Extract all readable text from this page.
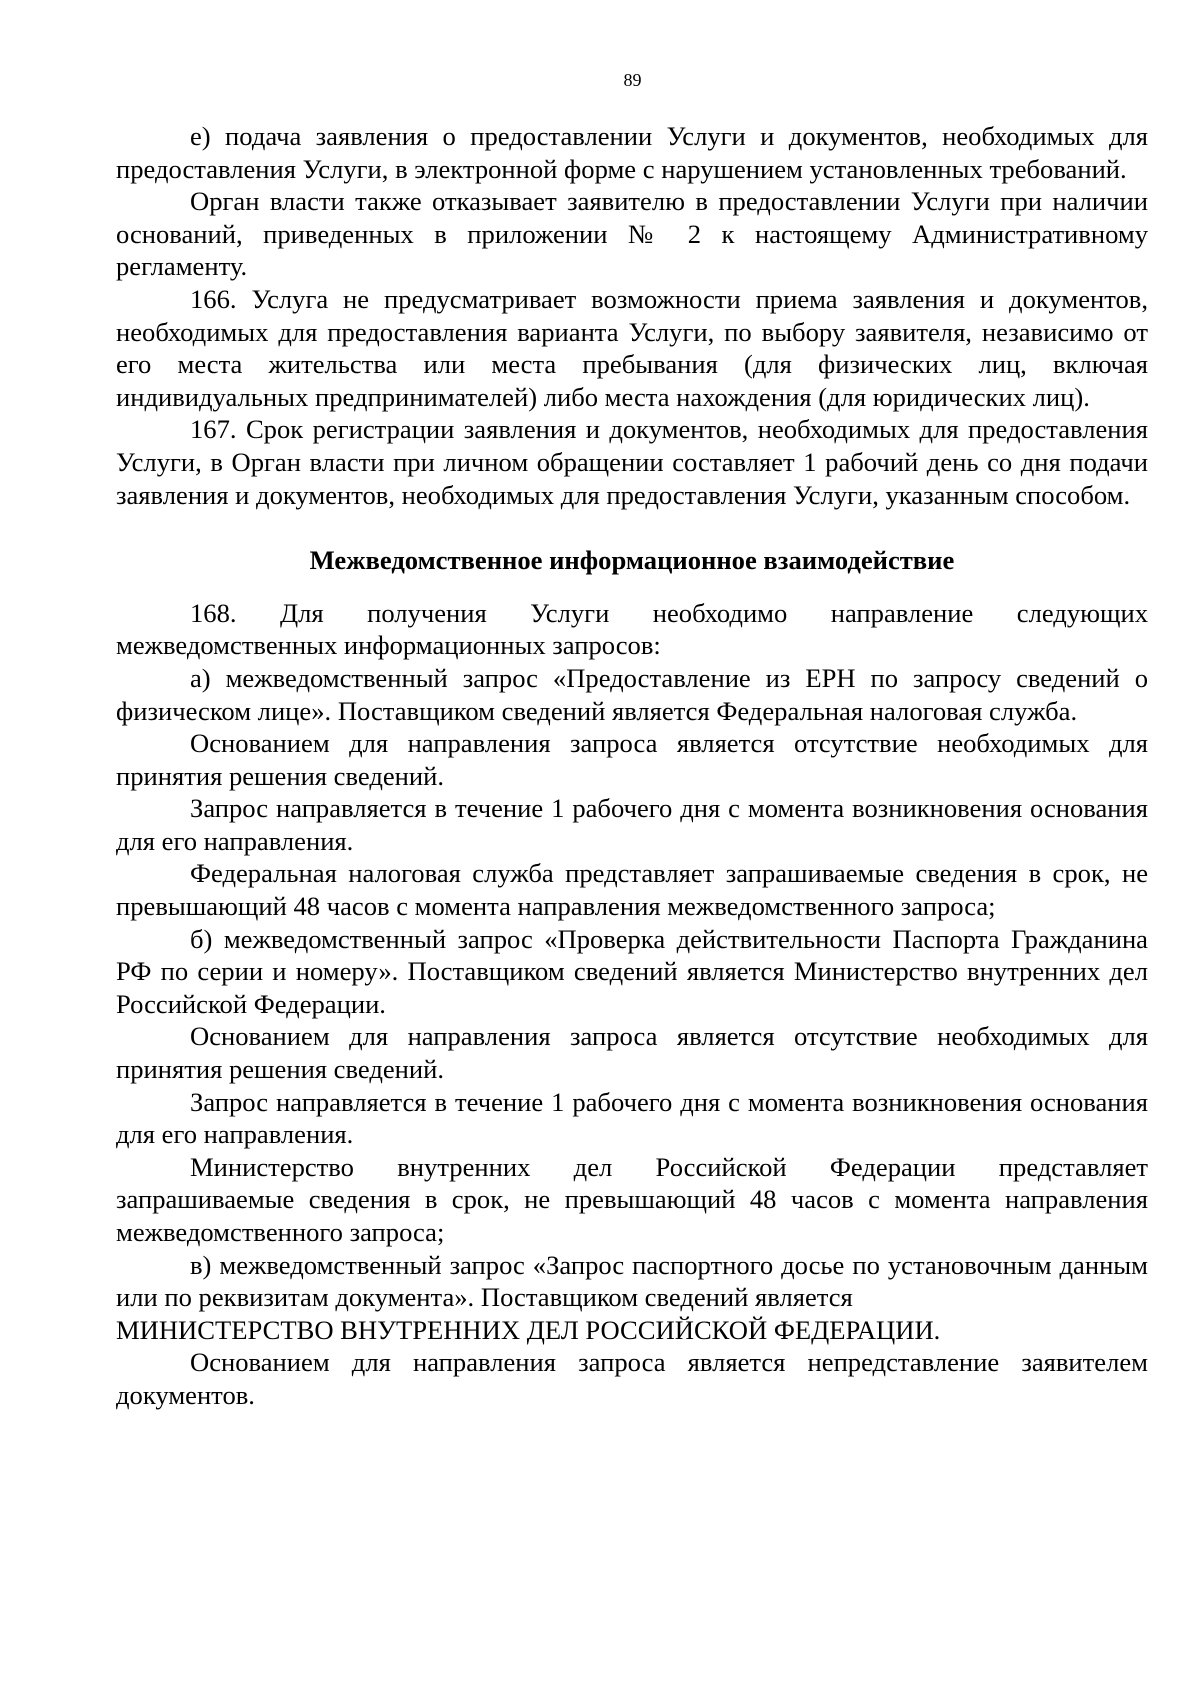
89

е) подача заявления о предоставлении Услуги и документов, необходимых для предоставления Услуги, в электронной форме с нарушением установленных требований.

Орган власти также отказывает заявителю в предоставлении Услуги при наличии оснований, приведенных в приложении № 2 к настоящему Административному регламенту.

166. Услуга не предусматривает возможности приема заявления и документов, необходимых для предоставления варианта Услуги, по выбору заявителя, независимо от его места жительства или места пребывания (для физических лиц, включая индивидуальных предпринимателей) либо места нахождения (для юридических лиц).

167. Срок регистрации заявления и документов, необходимых для предоставления Услуги, в Орган власти при личном обращении составляет 1 рабочий день со дня подачи заявления и документов, необходимых для предоставления Услуги, указанным способом.

Межведомственное информационное взаимодействие

168. Для получения Услуги необходимо направление следующих межведомственных информационных запросов:

а) межведомственный запрос «Предоставление из ЕРН по запросу сведений о физическом лице». Поставщиком сведений является Федеральная налоговая служба.

Основанием для направления запроса является отсутствие необходимых для принятия решения сведений.

Запрос направляется в течение 1 рабочего дня с момента возникновения основания для его направления.

Федеральная налоговая служба представляет запрашиваемые сведения в срок, не превышающий 48 часов с момента направления межведомственного запроса;

б) межведомственный запрос «Проверка действительности Паспорта Гражданина РФ по серии и номеру». Поставщиком сведений является Министерство внутренних дел Российской Федерации.

Основанием для направления запроса является отсутствие необходимых для принятия решения сведений.

Запрос направляется в течение 1 рабочего дня с момента возникновения основания для его направления.

Министерство внутренних дел Российской Федерации представляет запрашиваемые сведения в срок, не превышающий 48 часов с момента направления межведомственного запроса;

в) межведомственный запрос «Запрос паспортного досье по установочным данным или по реквизитам документа». Поставщиком сведений является

МИНИСТЕРСТВО ВНУТРЕННИХ ДЕЛ РОССИЙСКОЙ ФЕДЕРАЦИИ.

Основанием для направления запроса является непредставление заявителем документов.
